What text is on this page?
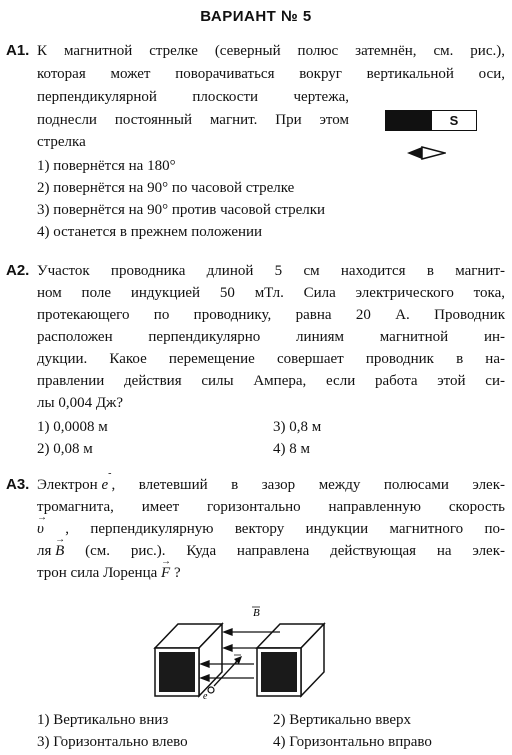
ВАРИАНТ № 5
А1. К магнитной стрелке (северный полюс затемнён, см. рис.),
которая может поворачиваться вокруг вертикальной оси,
перпендикулярной плоскости чертежа,
поднесли постоянный магнит. При этом
стрелка
S
1) повернётся на 180°
2) повернётся на 90° по часовой стрелке
3) повернётся на 90° против часовой стрелки
4) останется в прежнем положении
А2. Участок проводника длиной 5 см находится в магнит-
ном поле индукцией 50 мТл. Сила электрического тока,
протекающего по проводнику, равна 20 А. Проводник
расположен перпендикулярно линиям магнитной ин-
дукции. Какое перемещение совершает проводник в на-
правлении действия силы Ампера, если работа этой си-
лы 0,004 Дж?
1) 0,0008 м	3) 0,8 м
2) 0,08 м	4) 8 м
А3. Электрон e
-
, влетевший в зазор между полюсами элек-
тромагнита, имеет горизонтально направленную скорость
→ υ , перпендикулярную вектору индукции магнитного по-
ля → B (см. рис.). Куда направлена действующая на элек-
трон сила Лоренца → F ?
B
υ
e
1) Вертикально вниз	2) Вертикально вверх
3) Горизонтально влево	4) Горизонтально вправо
